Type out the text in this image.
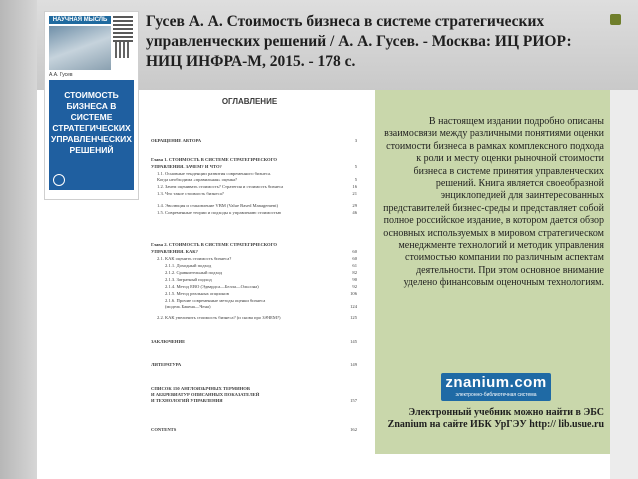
Гусев А. А. Стоимость бизнеса в системе стратегических управленческих решений / А. А. Гусев. - Москва: ИЦ РИОР: НИЦ ИНФРА-М, 2015. - 178 с.
НАУЧНАЯ МЫСЛЬ
А.А. Гусев
СТОИМОСТЬ БИЗНЕСА В СИСТЕМЕ СТРАТЕГИЧЕСКИХ УПРАВЛЕНЧЕСКИХ РЕШЕНИЙ
ОГЛАВЛЕНИЕ
ОБРАЩЕНИЕ АВТОРА	3
Глава 1. СТОИМОСТЬ В СИСТЕМЕ СТРАТЕГИЧЕСКОГО
УПРАВЛЕНИЯ. ЗАЧЕМ? И ЧТО?	5
1.1. Основные тенденции развития современного бизнеса.
Когда необходима «правильная» оценка?	5
1.2. Зачем оценивать стоимость? Стратегия и стоимость бизнеса	16
1.3. Что такое стоимость бизнеса?	21
1.4. Эволюция и становление VBM (Value Based Management)	29
1.5. Современные теории и подходы к управлению стоимостью	46
Глава 2. СТОИМОСТЬ В СИСТЕМЕ СТРАТЕГИЧЕСКОГО
УПРАВЛЕНИЯ. КАК?	60
2.1. КАК оценить стоимость бизнеса?	60
2.1.1. Доходный подход	61
2.1.2. Сравнительный подход	82
2.1.3. Затратный подход	90
2.1.4. Метод EBO (Эдвардса—Белла—Ольсона)	92
2.1.5. Метод реальных опционов	106
2.1.6. Прочие современные методы оценки бизнеса
(модель Бакена—Чена)	124
2.2. КАК увеличить стоимость бизнеса? (и снова про ЗАЧЕМ?)	125
ЗАКЛЮЧЕНИЕ	145
ЛИТЕРАТУРА	149
СПИСОК 150 АНГЛОЯЗЫЧНЫХ ТЕРМИНОВ
И АББРЕВИАТУР ОПИСАННЫХ ПОКАЗАТЕЛЕЙ
И ТЕХНОЛОГИЙ УПРАВЛЕНИЯ	157
CONTENTS	162
В настоящем издании подробно описаны взаимосвязи между различными понятиями оценки стоимости бизнеса в рамках комплексного подхода к роли и месту оценки рыночной стоимости бизнеса в системе принятия управленческих решений. Книга является своеобразной энциклопедией для заинтересованных представителей бизнес-среды и представляет собой полное российское издание, в котором дается обзор основных используемых в мировом стратегическом менеджменте технологий и методик управления стоимостью компании по различным аспектам деятельности. При этом основное внимание уделено финансовым оценочным технологиям.
znanium.com
электронно-библиотечная система
Электронный учебник можно найти в ЭБС Znanium на сайте ИБК УрГЭУ http:// lib.usue.ru
